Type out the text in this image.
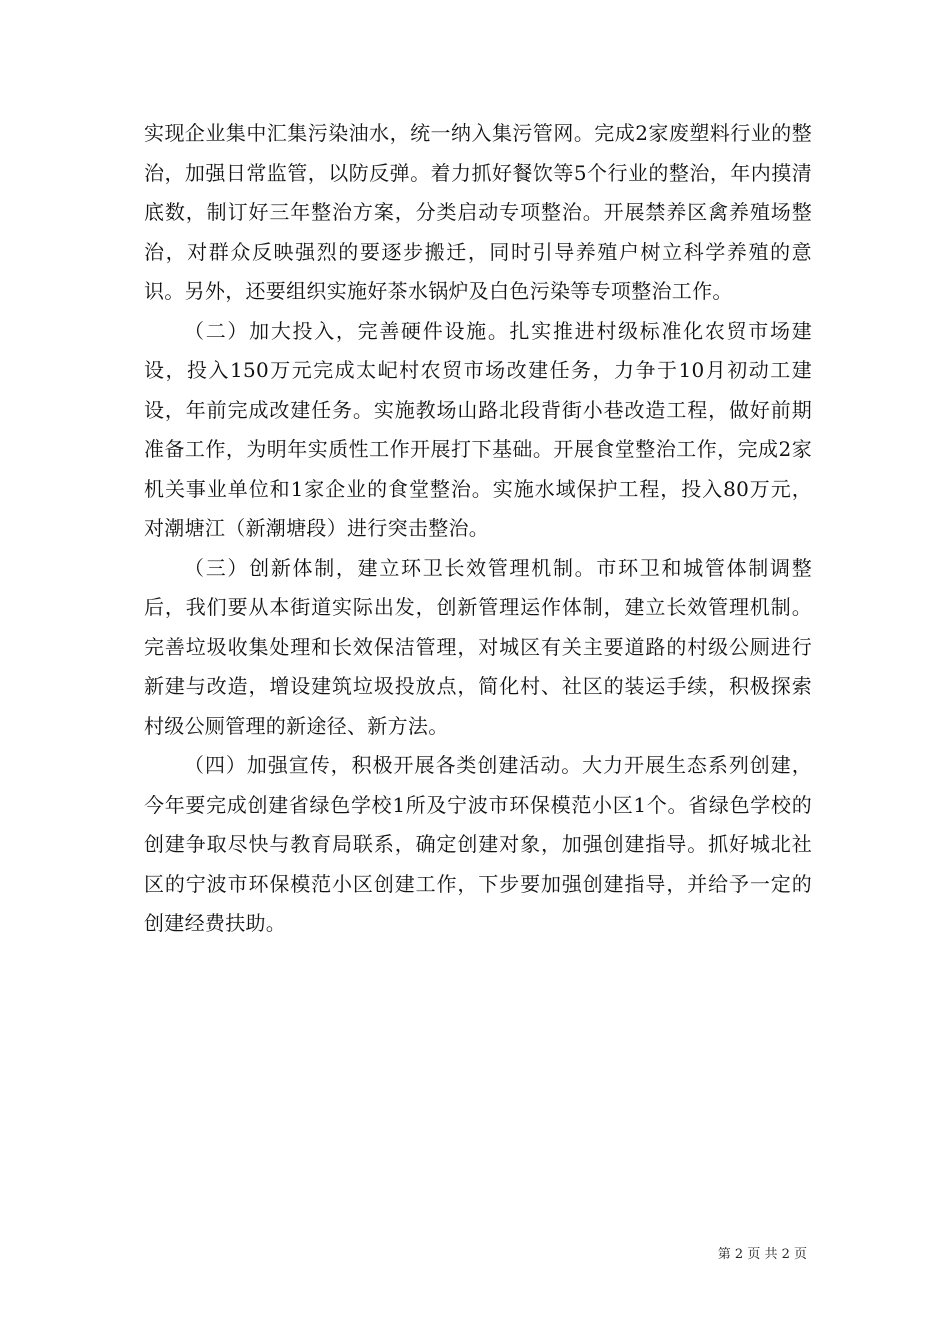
实现企业集中汇集污染油水，统一纳入集污管网。完成2家废塑料行业的整治，加强日常监管，以防反弹。着力抓好餐饮等5个行业的整治，年内摸清底数，制订好三年整治方案，分类启动专项整治。开展禁养区禽养殖场整治，对群众反映强烈的要逐步搬迁，同时引导养殖户树立科学养殖的意识。另外，还要组织实施好茶水锅炉及白色污染等专项整治工作。

（二）加大投入，完善硬件设施。扎实推进村级标准化农贸市场建设，投入150万元完成太屺村农贸市场改建任务，力争于10月初动工建设，年前完成改建任务。实施教场山路北段背街小巷改造工程，做好前期准备工作，为明年实质性工作开展打下基础。开展食堂整治工作，完成2家机关事业单位和1家企业的食堂整治。实施水域保护工程，投入80万元，对潮塘江（新潮塘段）进行突击整治。

（三）创新体制，建立环卫长效管理机制。市环卫和城管体制调整后，我们要从本街道实际出发，创新管理运作体制，建立长效管理机制。完善垃圾收集处理和长效保洁管理，对城区有关主要道路的村级公厕进行新建与改造，增设建筑垃圾投放点，简化村、社区的装运手续，积极探索村级公厕管理的新途径、新方法。

（四）加强宣传，积极开展各类创建活动。大力开展生态系列创建，今年要完成创建省绿色学校1所及宁波市环保模范小区1个。省绿色学校的创建争取尽快与教育局联系，确定创建对象，加强创建指导。抓好城北社区的宁波市环保模范小区创建工作，下步要加强创建指导，并给予一定的创建经费扶助。

第 2 页 共 2 页
